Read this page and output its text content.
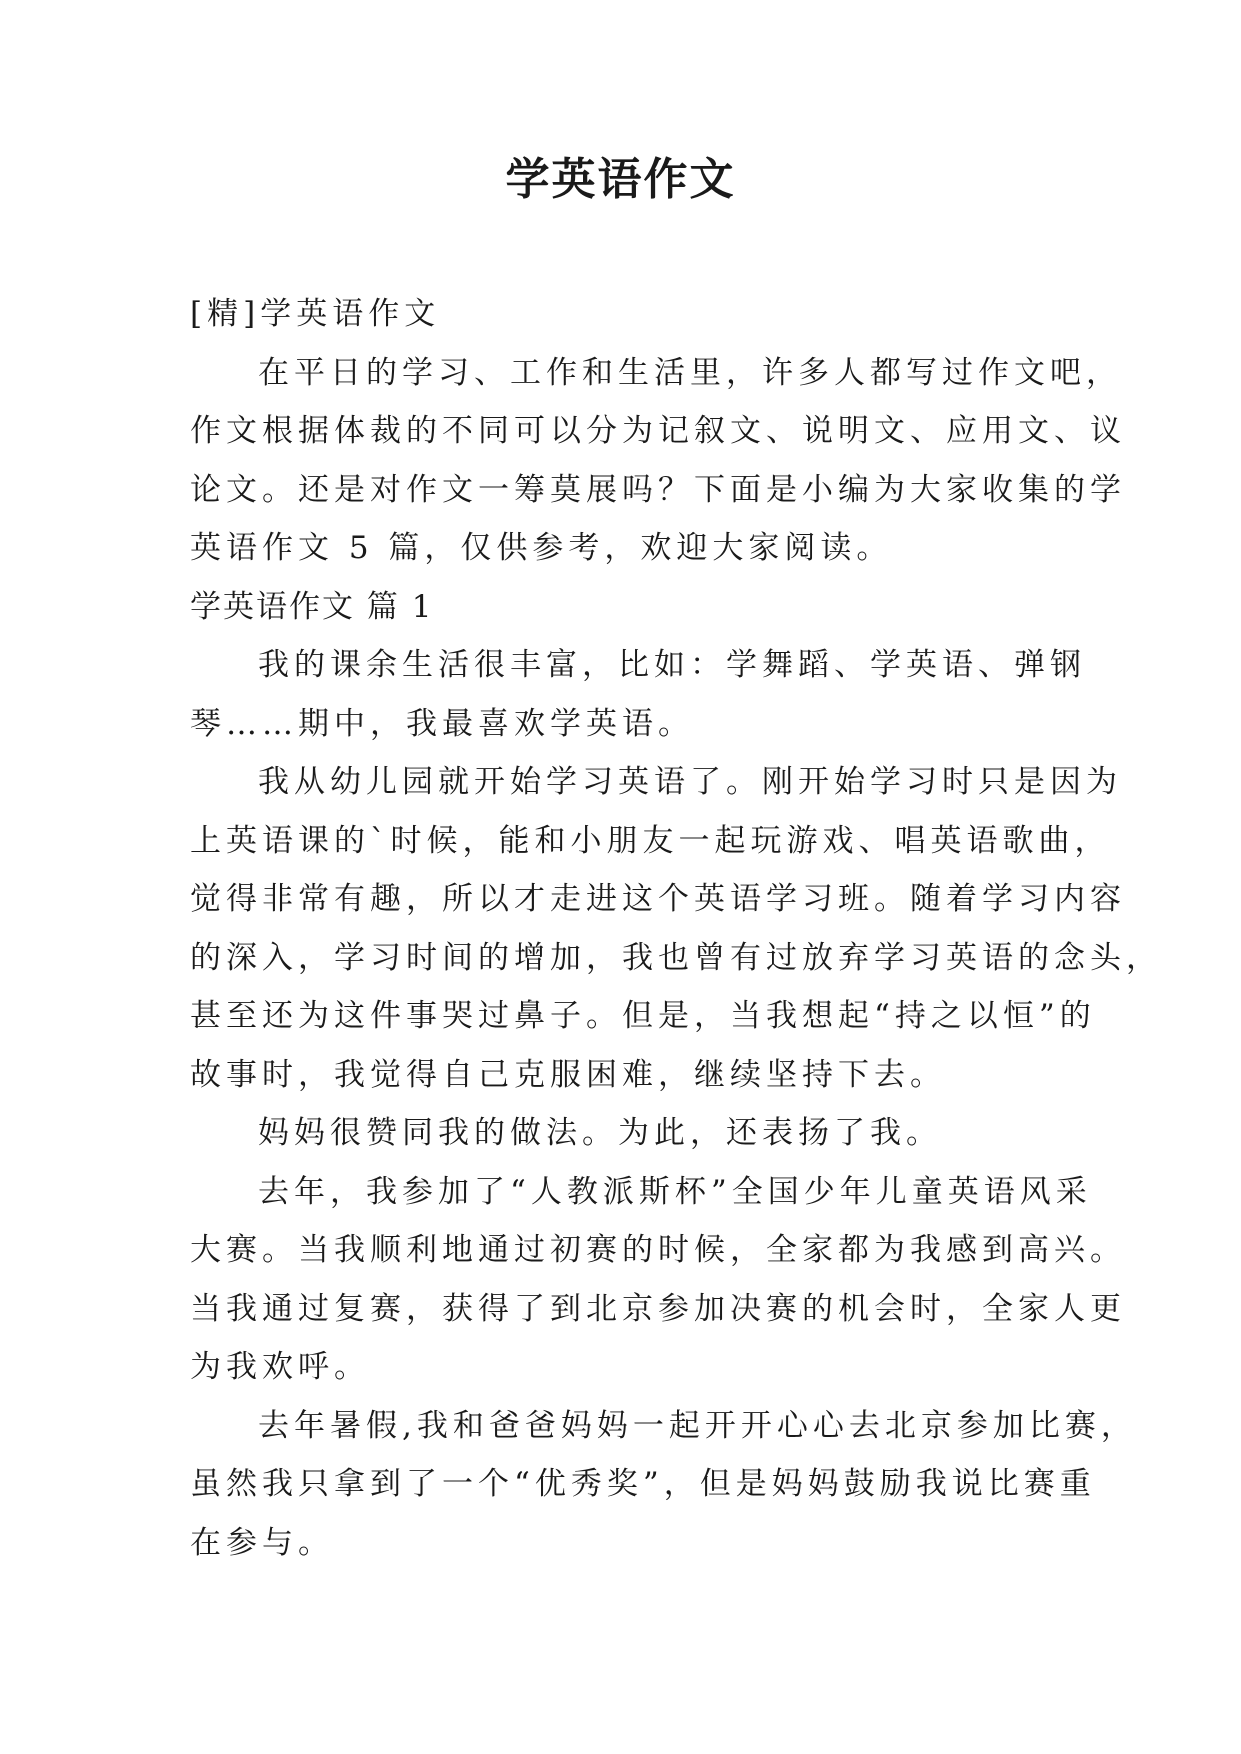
学英语作文
[精]学英语作文
在平日的学习、工作和生活里，许多人都写过作文吧，
作文根据体裁的不同可以分为记叙文、说明文、应用文、议
论文。还是对作文一筹莫展吗？下面是小编为大家收集的学
英语作文 5 篇，仅供参考，欢迎大家阅读。
学英语作文 篇 1
我的课余生活很丰富，比如：学舞蹈、学英语、弹钢
琴……期中，我最喜欢学英语。
我从幼儿园就开始学习英语了。刚开始学习时只是因为
上英语课的`时候，能和小朋友一起玩游戏、唱英语歌曲，
觉得非常有趣，所以才走进这个英语学习班。随着学习内容
的深入，学习时间的增加，我也曾有过放弃学习英语的念头，
甚至还为这件事哭过鼻子。但是，当我想起“持之以恒”的
故事时，我觉得自己克服困难，继续坚持下去。
妈妈很赞同我的做法。为此，还表扬了我。
去年，我参加了“人教派斯杯”全国少年儿童英语风采
大赛。当我顺利地通过初赛的时候，全家都为我感到高兴。
当我通过复赛，获得了到北京参加决赛的机会时，全家人更
为我欢呼。
去年暑假,我和爸爸妈妈一起开开心心去北京参加比赛，
虽然我只拿到了一个“优秀奖”，但是妈妈鼓励我说比赛重
在参与。
